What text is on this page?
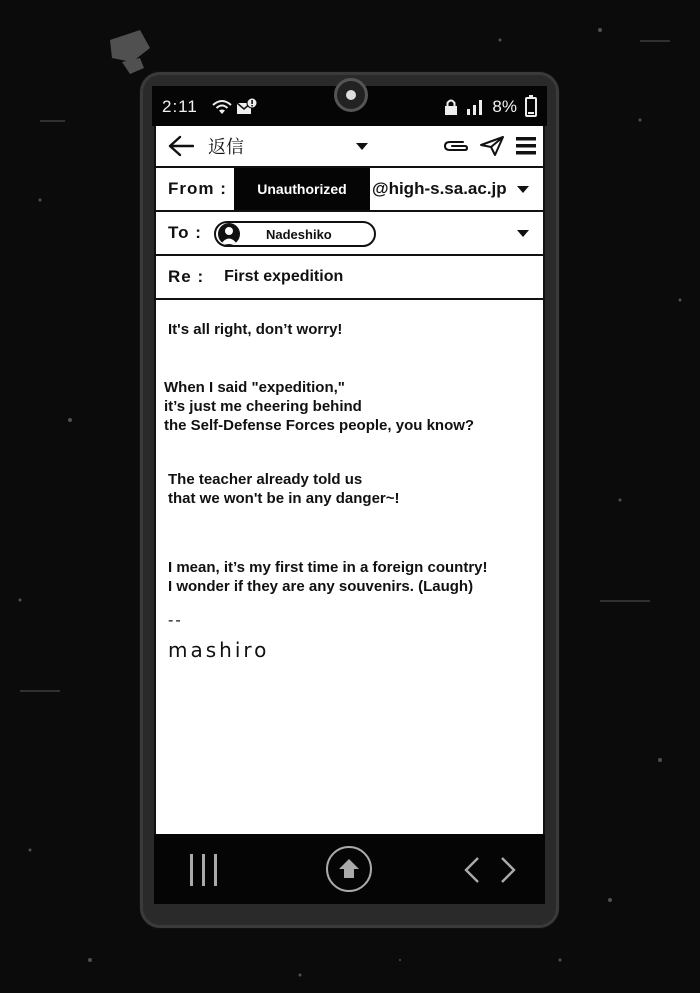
2:11	8%
返信
From :	Unauthorized	@high-s.sa.ac.jp
To :	Nadeshiko
Re : First expedition
It's all right, don’t worry!
When I said "expedition,"
it’s just me cheering behind
the Self-Defense Forces people, you know?
The teacher already told us
that we won't be in any danger~!
I mean, it’s my first time in a foreign country!
I wonder if they are any souvenirs. (Laugh)
--
mashiro
